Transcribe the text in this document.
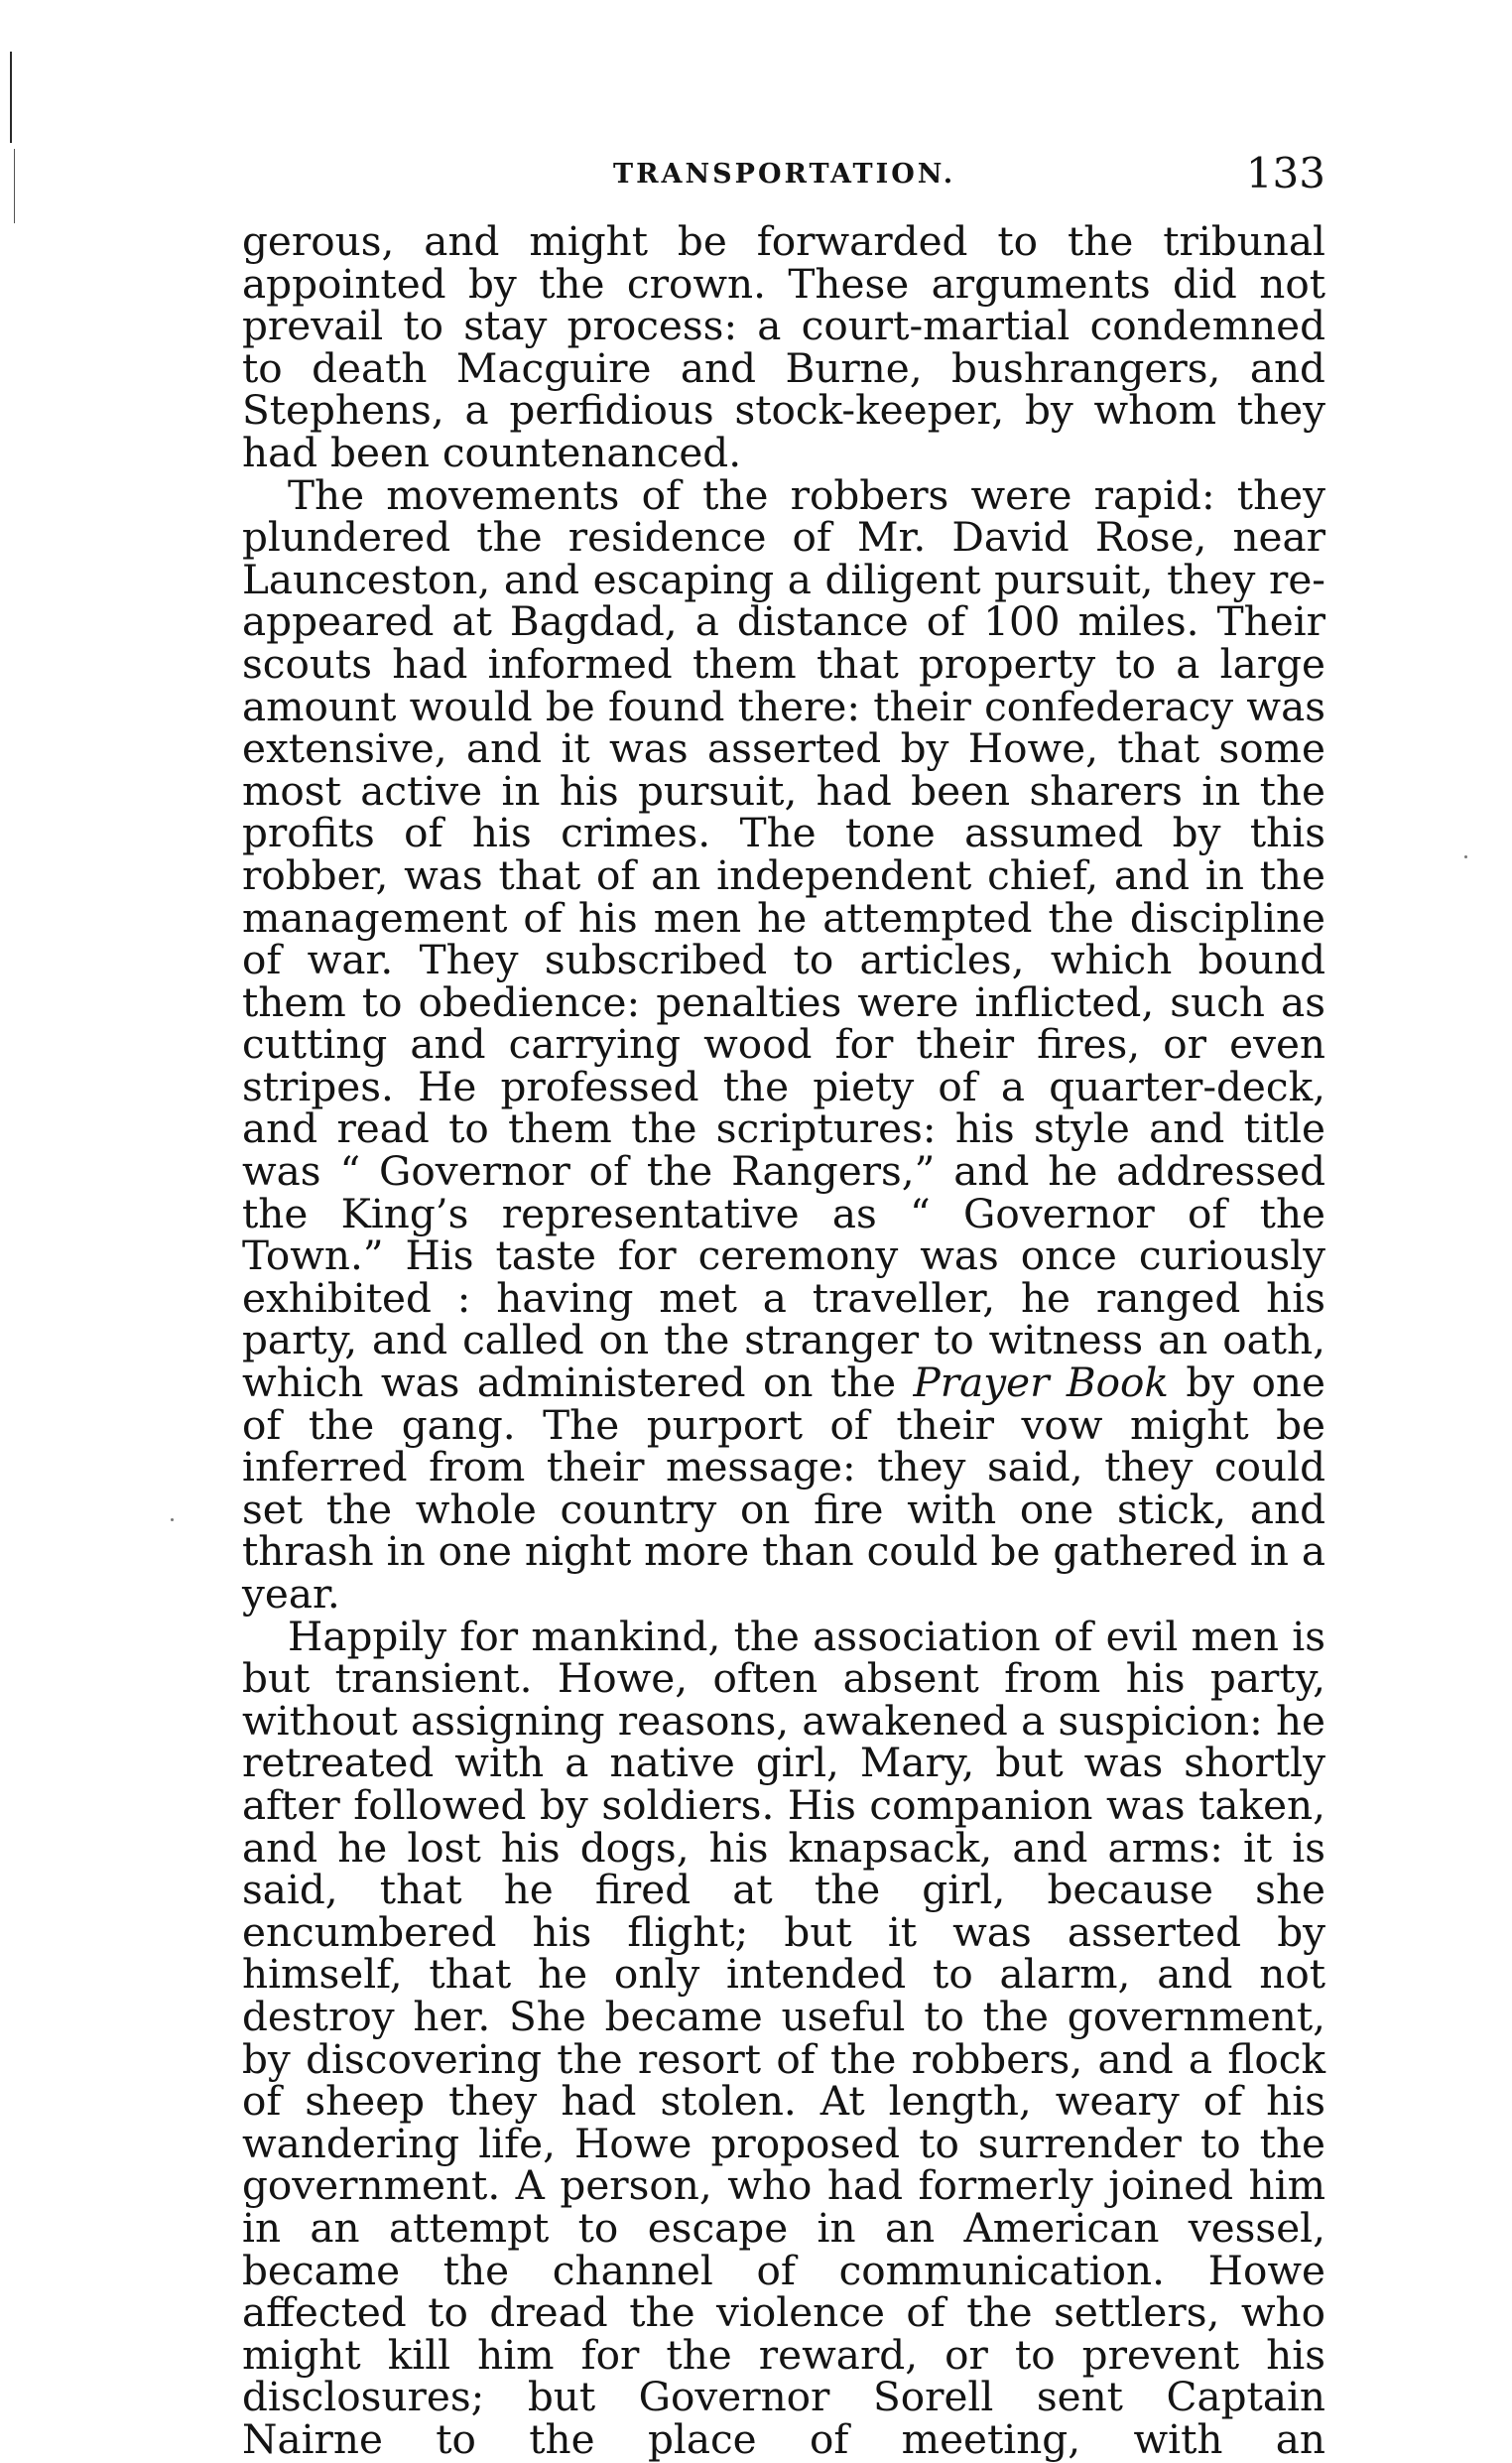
TRANSPORTATION.	133

gerous, and might be forwarded to the tribunal appointed by the crown. These arguments did not prevail to stay process: a court-martial condemned to death Macguire and Burne, bushrangers, and Stephens, a perfidious stock-keeper, by whom they had been countenanced.

The movements of the robbers were rapid: they plundered the residence of Mr. David Rose, near Launceston, and escaping a diligent pursuit, they re-appeared at Bagdad, a distance of 100 miles. Their scouts had informed them that property to a large amount would be found there: their confederacy was extensive, and it was asserted by Howe, that some most active in his pursuit, had been sharers in the profits of his crimes. The tone assumed by this robber, was that of an independent chief, and in the management of his men he attempted the discipline of war. They subscribed to articles, which bound them to obedience: penalties were inflicted, such as cutting and carrying wood for their fires, or even stripes. He professed the piety of a quarter-deck, and read to them the scriptures: his style and title was “ Governor of the Rangers,” and he addressed the King’s representative as “ Governor of the Town.” His taste for ceremony was once curiously exhibited : having met a traveller, he ranged his party, and called on the stranger to witness an oath, which was administered on the Prayer Book by one of the gang. The purport of their vow might be inferred from their message: they said, they could set the whole country on fire with one stick, and thrash in one night more than could be gathered in a year.

Happily for mankind, the association of evil men is but transient. Howe, often absent from his party, without assigning reasons, awakened a suspicion: he retreated with a native girl, Mary, but was shortly after followed by soldiers. His companion was taken, and he lost his dogs, his knapsack, and arms: it is said, that he fired at the girl, because she encumbered his flight; but it was asserted by himself, that he only intended to alarm, and not destroy her. She became useful to the government, by discovering the resort of the robbers, and a flock of sheep they had stolen. At length, weary of his wandering life, Howe proposed to surrender to the government. A person, who had formerly joined him in an attempt to escape in an American vessel, became the channel of communication. Howe affected to dread the violence of the settlers, who might kill him for the reward, or to prevent his disclosures; but Governor Sorell sent Captain Nairne to the place of meeting, with an
